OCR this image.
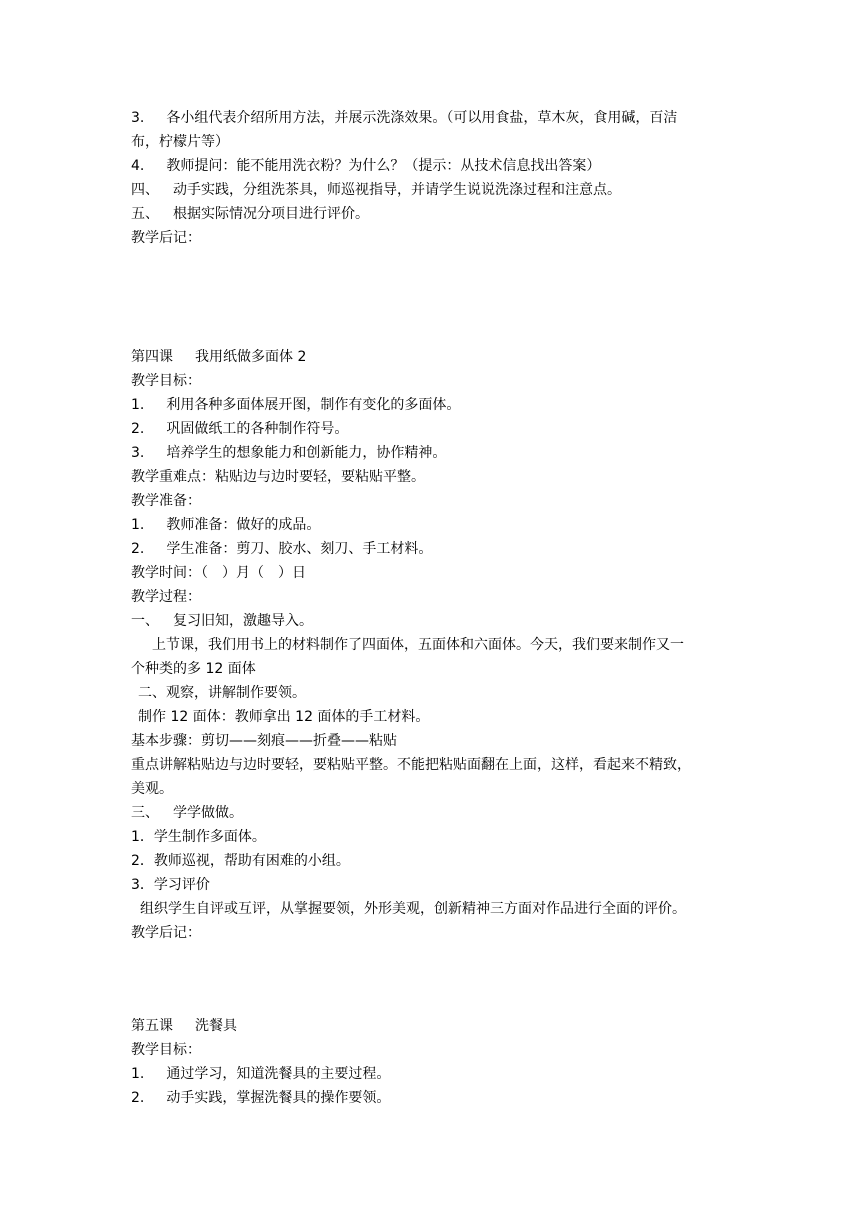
3. 各小组代表介绍所用方法，并展示洗涤效果。（可以用食盐，草木灰，食用碱，百洁
布，柠檬片等）
4. 教师提问：能不能用洗衣粉？为什么？（提示：从技术信息找出答案）
四、 动手实践，分组洗茶具，师巡视指导，并请学生说说洗涤过程和注意点。
五、 根据实际情况分项目进行评价。
教学后记：
第四课 我用纸做多面体 2
教学目标：
1. 利用各种多面体展开图，制作有变化的多面体。
2. 巩固做纸工的各种制作符号。
3. 培养学生的想象能力和创新能力，协作精神。
教学重难点：粘贴边与边时要轻，要粘贴平整。
教学准备：
1. 教师准备：做好的成品。
2. 学生准备：剪刀、胶水、刻刀、手工材料。
教学时间：（　）月（　）日
教学过程：
一、 复习旧知，激趣导入。
上节课，我们用书上的材料制作了四面体，五面体和六面体。今天，我们要来制作又一
个种类的多 12 面体
二、观察，讲解制作要领。
制作 12 面体：教师拿出 12 面体的手工材料。
基本步骤：剪切——刻痕——折叠——粘贴
重点讲解粘贴边与边时要轻，要粘贴平整。不能把粘贴面翻在上面，这样，看起来不精致，
美观。
三、 学学做做。
1．学生制作多面体。
2．教师巡视，帮助有困难的小组。
3．学习评价
组织学生自评或互评，从掌握要领，外形美观，创新精神三方面对作品进行全面的评价。
教学后记：
第五课 洗餐具
教学目标：
1. 通过学习，知道洗餐具的主要过程。
2. 动手实践，掌握洗餐具的操作要领。
